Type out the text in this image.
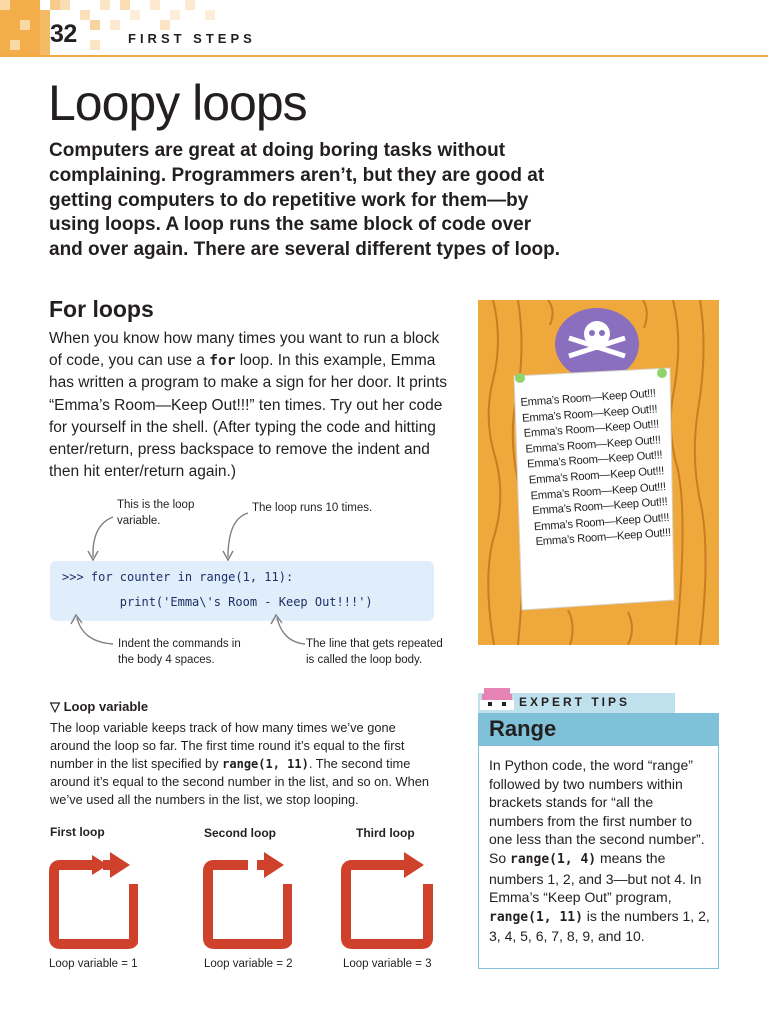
32	FIRST STEPS
Loopy loops
Computers are great at doing boring tasks without complaining. Programmers aren’t, but they are good at getting computers to do repetitive work for them—by using loops. A loop runs the same block of code over and over again. There are several different types of loop.
For loops
When you know how many times you want to run a block of code, you can use a for loop. In this example, Emma has written a program to make a sign for her door. It prints “Emma’s Room—Keep Out!!!” ten times. Try out her code for yourself in the shell. (After typing the code and hitting enter/return, press backspace to remove the indent and then hit enter/return again.)
This is the loop
variable.
The loop runs 10 times.
>>> for counter in range(1, 11):
print('Emma\'s Room - Keep Out!!!')
Indent the commands in
the body 4 spaces.
The line that gets repeated
is called the loop body.
▽ Loop variable
The loop variable keeps track of how many times we’ve gone around the loop so far. The first time round it’s equal to the first number in the list specified by range(1, 11). The second time around it’s equal to the second number in the list, and so on. When we’ve used all the numbers in the list, we stop looping.
First loop	Second loop	Third loop
Loop variable = 1	Loop variable = 2	Loop variable = 3
Emma’s Room—Keep Out!!!
Emma’s Room—Keep Out!!!
Emma’s Room—Keep Out!!!
Emma’s Room—Keep Out!!!
Emma’s Room—Keep Out!!!
Emma’s Room—Keep Out!!!
Emma’s Room—Keep Out!!!
Emma’s Room—Keep Out!!!
Emma’s Room—Keep Out!!!
Emma’s Room—Keep Out!!!
EXPERT TIPS
Range
In Python code, the word “range” followed by two numbers within brackets stands for “all the numbers from the first number to one less than the second number”. So range(1, 4) means the numbers 1, 2, and 3—but not 4. In Emma’s “Keep Out” program, range(1, 11) is the numbers 1, 2, 3, 4, 5, 6, 7, 8, 9, and 10.
